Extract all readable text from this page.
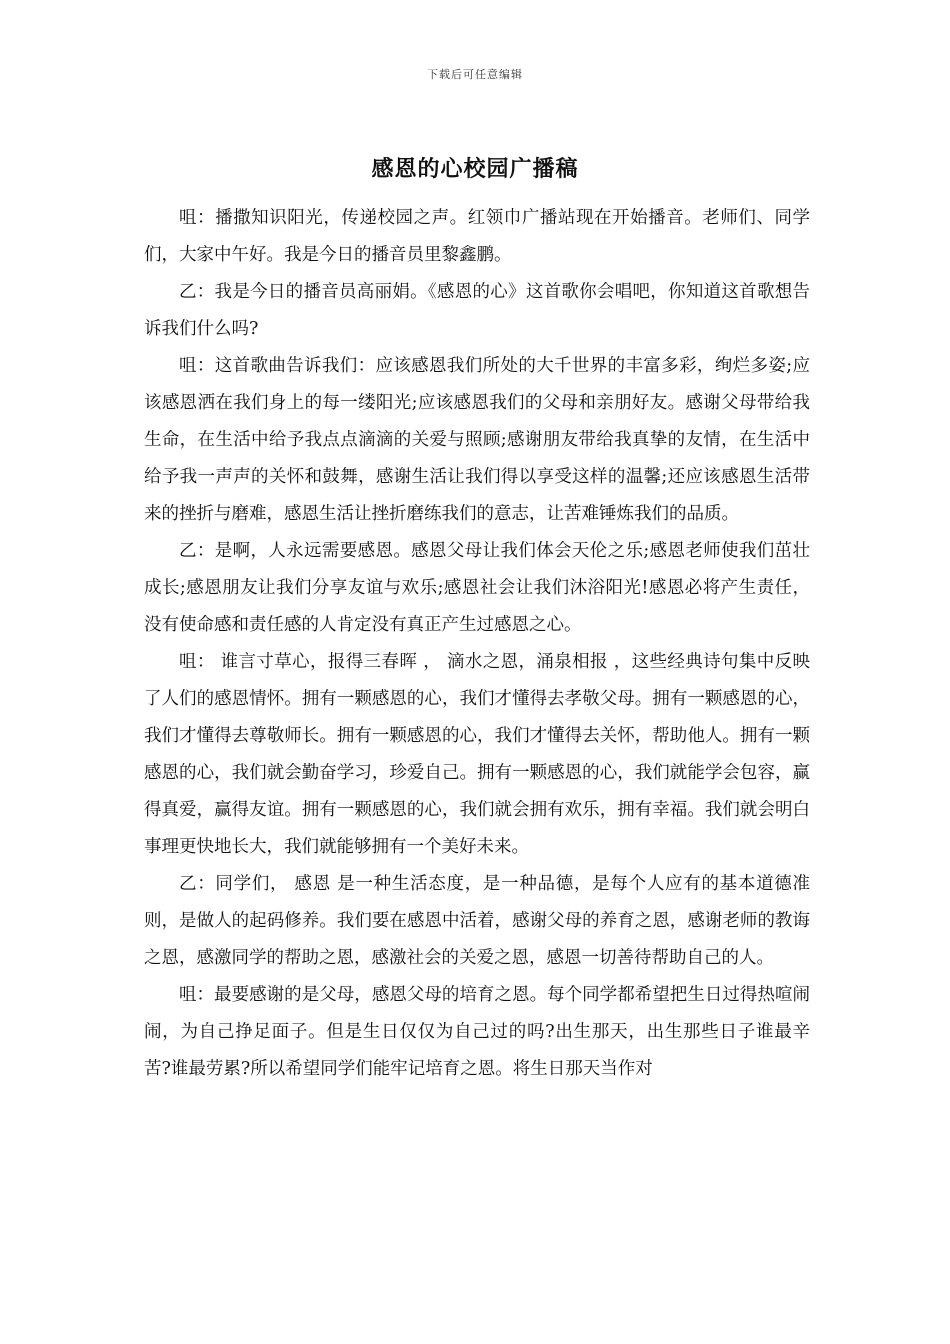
下载后可任意编辑
感恩的心校园广播稿

咀：播撒知识阳光，传递校园之声。红领巾广播站现在开始播音。老师们、同学们，大家中午好。我是今日的播音员里黎鑫鹏。

乙：我是今日的播音员高丽娟。《感恩的心》这首歌你会唱吧，你知道这首歌想告诉我们什么吗?

咀：这首歌曲告诉我们：应该感恩我们所处的大千世界的丰富多彩，绚烂多姿;应该感恩洒在我们身上的每一缕阳光;应该感恩我们的父母和亲朋好友。感谢父母带给我生命，在生活中给予我点点滴滴的关爱与照顾;感谢朋友带给我真挚的友情，在生活中给予我一声声的关怀和鼓舞，感谢生活让我们得以享受这样的温馨;还应该感恩生活带来的挫折与磨难，感恩生活让挫折磨练我们的意志，让苦难锤炼我们的品质。

乙：是啊，人永远需要感恩。感恩父母让我们体会天伦之乐;感恩老师使我们茁壮成长;感恩朋友让我们分享友谊与欢乐;感恩社会让我们沐浴阳光!感恩必将产生责任，没有使命感和责任感的人肯定没有真正产生过感恩之心。

咀： 谁言寸草心，报得三春晖 ， 滴水之恩，涌泉相报 ，这些经典诗句集中反映了人们的感恩情怀。拥有一颗感恩的心，我们才懂得去孝敬父母。拥有一颗感恩的心，我们才懂得去尊敬师长。拥有一颗感恩的心，我们才懂得去关怀，帮助他人。拥有一颗感恩的心，我们就会勤奋学习，珍爱自己。拥有一颗感恩的心，我们就能学会包容，赢得真爱，赢得友谊。拥有一颗感恩的心，我们就会拥有欢乐，拥有幸福。我们就会明白事理更快地长大，我们就能够拥有一个美好未来。

乙：同学们， 感恩 是一种生活态度，是一种品德，是每个人应有的基本道德准则，是做人的起码修养。我们要在感恩中活着，感谢父母的养育之恩，感谢老师的教诲之恩，感激同学的帮助之恩，感激社会的关爱之恩，感恩一切善待帮助自己的人。

咀：最要感谢的是父母，感恩父母的培育之恩。每个同学都希望把生日过得热喧闹闹，为自己挣足面子。但是生日仅仅为自己过的吗?出生那天，出生那些日子谁最辛苦?谁最劳累?所以希望同学们能牢记培育之恩。将生日那天当作对
